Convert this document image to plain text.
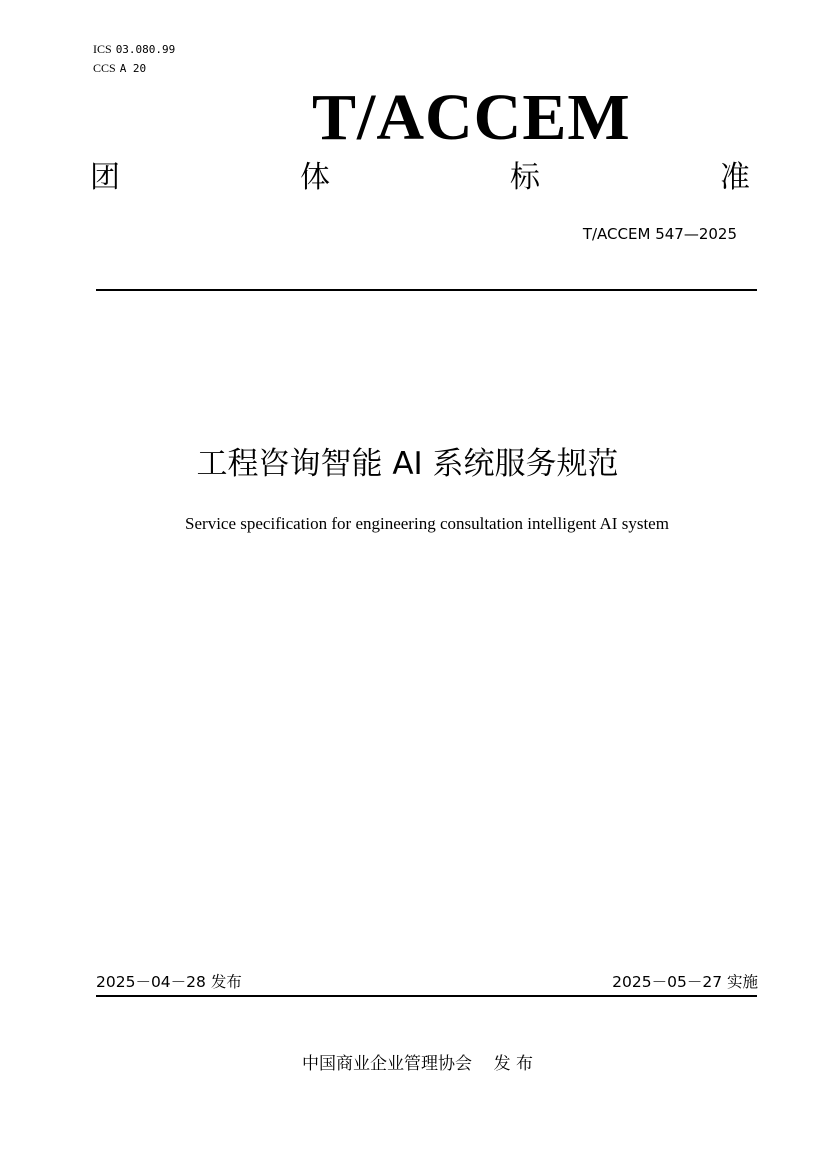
ICS 03.080.99
CCS A 20
T/ACCEM
团	体	标	准
T/ACCEM 547—2025
工程咨询智能 AI 系统服务规范
Service specification for engineering consultation intelligent AI system
2025－04－28 发布	2025－05－27 实施
中国商业企业管理协会    发 布
